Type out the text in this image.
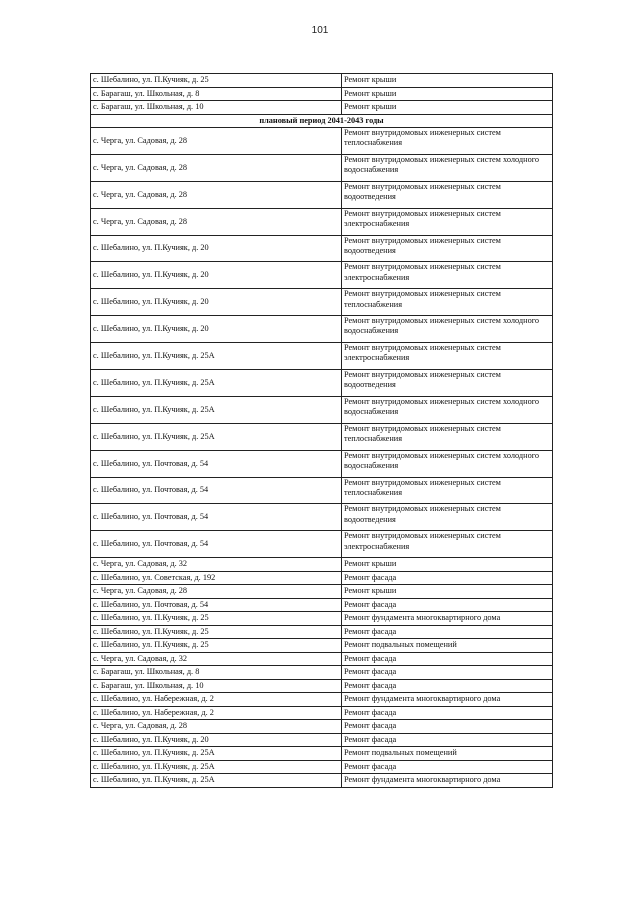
101
с. Шебалино, ул. П.Кучияк, д. 25	Ремонт крыши
с. Барагаш, ул. Школьная, д. 8	Ремонт крыши
с. Барагаш, ул. Школьная, д. 10	Ремонт крыши
плановый период 2041-2043 годы	
с. Черга, ул. Садовая, д. 28	Ремонт внутридомовых инженерных систем теплоснабжения
с. Черга, ул. Садовая, д. 28	Ремонт внутридомовых инженерных систем холодного водоснабжения
с. Черга, ул. Садовая, д. 28	Ремонт внутридомовых инженерных систем водоотведения
с. Черга, ул. Садовая, д. 28	Ремонт внутридомовых инженерных систем электроснабжения
с. Шебалино, ул. П.Кучияк, д. 20	Ремонт внутридомовых инженерных систем водоотведения
с. Шебалино, ул. П.Кучияк, д. 20	Ремонт внутридомовых инженерных систем электроснабжения
с. Шебалино, ул. П.Кучияк, д. 20	Ремонт внутридомовых инженерных систем теплоснабжения
с. Шебалино, ул. П.Кучияк, д. 20	Ремонт внутридомовых инженерных систем холодного водоснабжения
с. Шебалино, ул. П.Кучияк, д. 25А	Ремонт внутридомовых инженерных систем электроснабжения
с. Шебалино, ул. П.Кучияк, д. 25А	Ремонт внутридомовых инженерных систем водоотведения
с. Шебалино, ул. П.Кучияк, д. 25А	Ремонт внутридомовых инженерных систем холодного водоснабжения
с. Шебалино, ул. П.Кучияк, д. 25А	Ремонт внутридомовых инженерных систем теплоснабжения
с. Шебалино, ул. Почтовая, д. 54	Ремонт внутридомовых инженерных систем холодного водоснабжения
с. Шебалино, ул. Почтовая, д. 54	Ремонт внутридомовых инженерных систем теплоснабжения
с. Шебалино, ул. Почтовая, д. 54	Ремонт внутридомовых инженерных систем водоотведения
с. Шебалино, ул. Почтовая, д. 54	Ремонт внутридомовых инженерных систем электроснабжения
с. Черга, ул. Садовая, д. 32	Ремонт крыши
с. Шебалино, ул. Советская, д. 192	Ремонт фасада
с. Черга, ул. Садовая, д. 28	Ремонт крыши
с. Шебалино, ул. Почтовая, д. 54	Ремонт фасада
с. Шебалино, ул. П.Кучияк, д. 25	Ремонт фундамента многоквартирного дома
с. Шебалино, ул. П.Кучияк, д. 25	Ремонт фасада
с. Шебалино, ул. П.Кучияк, д. 25	Ремонт подвальных помещений
с. Черга, ул. Садовая, д. 32	Ремонт фасада
с. Барагаш, ул. Школьная, д. 8	Ремонт фасада
с. Барагаш, ул. Школьная, д. 10	Ремонт фасада
с. Шебалино, ул. Набережная, д. 2	Ремонт фундамента многоквартирного дома
с. Шебалино, ул. Набережная, д. 2	Ремонт фасада
с. Черга, ул. Садовая, д. 28	Ремонт фасада
с. Шебалино, ул. П.Кучияк, д. 20	Ремонт фасада
с. Шебалино, ул. П.Кучияк, д. 25А	Ремонт подвальных помещений
с. Шебалино, ул. П.Кучияк, д. 25А	Ремонт фасада
с. Шебалино, ул. П.Кучияк, д. 25А	Ремонт фундамента многоквартирного дома
